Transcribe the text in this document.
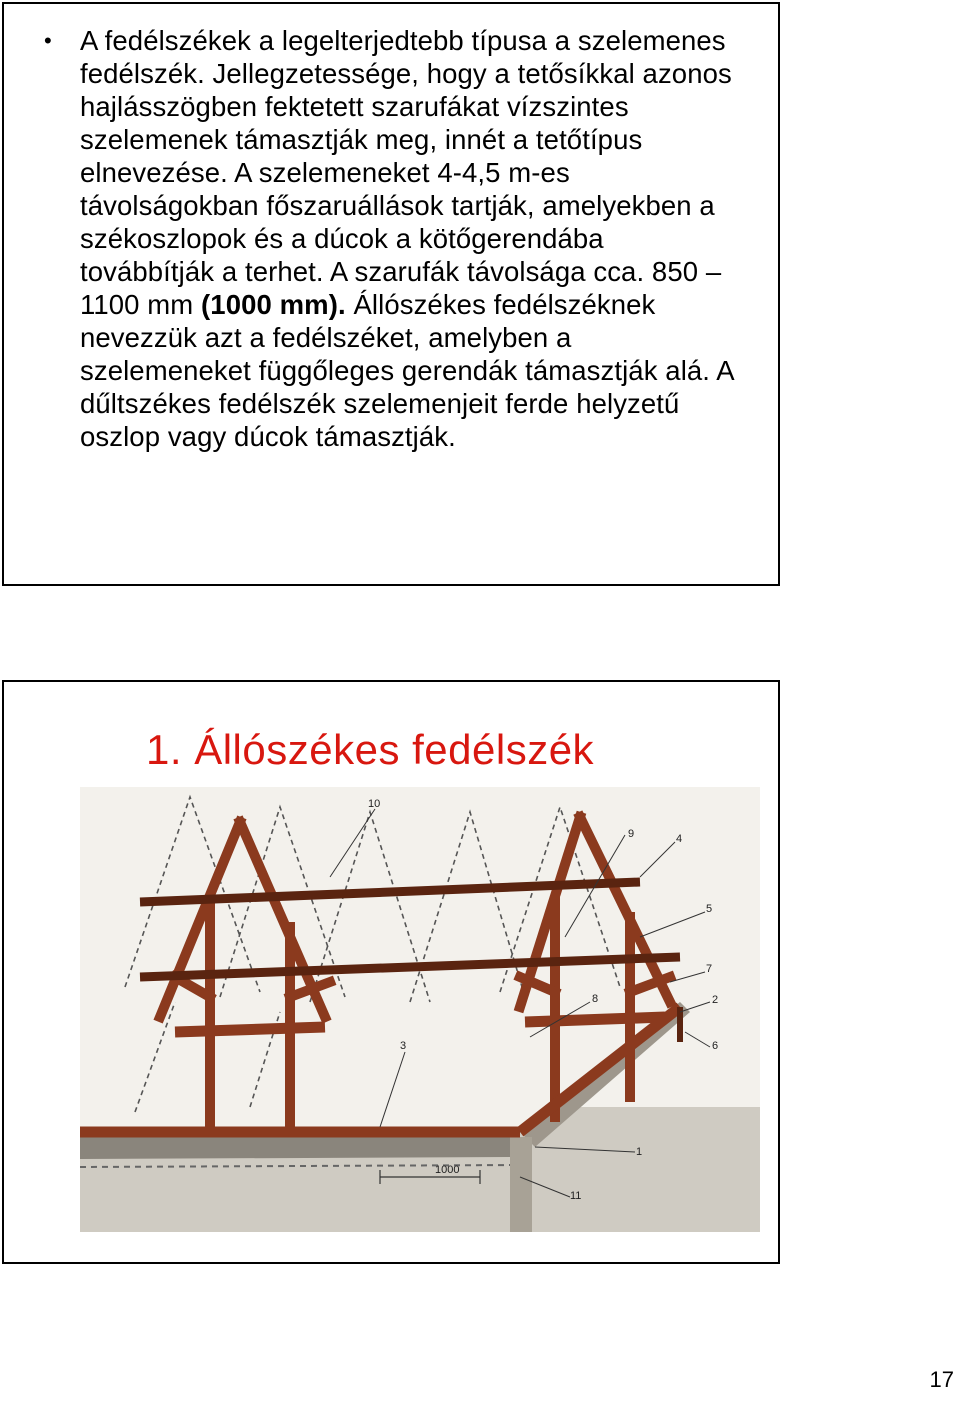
• A fedélszékek a legelterjedtebb típusa a szelemenes fedélszék. Jellegzetessége, hogy a tetősíkkal azonos hajlásszögben fektetett szarufákat vízszintes szelemenek támasztják meg, innét a tetőtípus elnevezése. A szelemeneket 4-4,5 m-es távolságokban főszaruállások tartják, amelyekben a székoszlopok és a dúcok a kötőgerendába továbbítják a terhet. A szarufák távolsága cca. 850 – 1100 mm (1000 mm). Állószékes fedélszéknek nevezzük azt a fedélszéket, amelyben a szelemeneket függőleges gerendák támasztják alá. A dűltszékes fedélszék szelemenjeit ferde helyzetű oszlop vagy dúcok támasztják.
1. Állószékes fedélszék
10
9	4
5
7
2
8
6
3
1
11
1000
17
